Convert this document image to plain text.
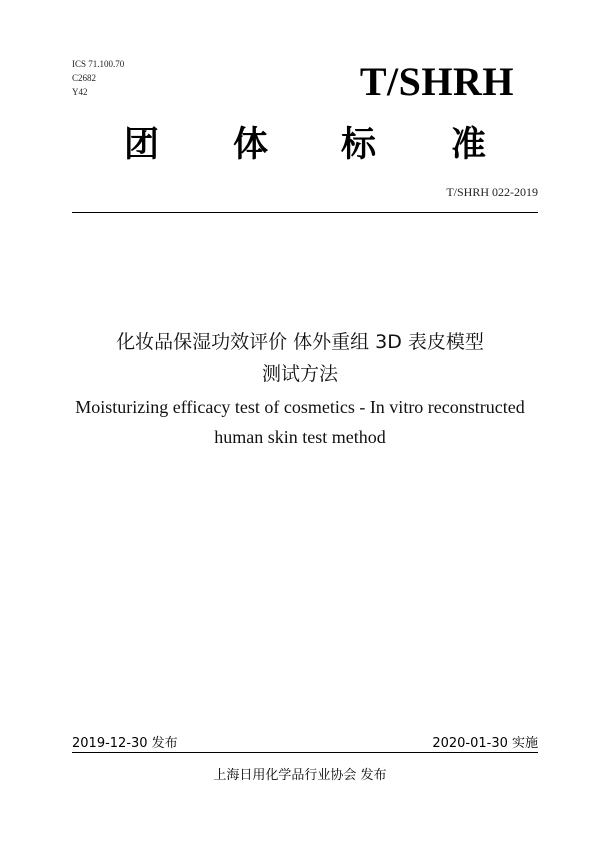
ICS 71.100.70
C2682
Y42	T/SHRH
团 体 标 准
T/SHRH 022-2019
化妆品保湿功效评价 体外重组 3D 表皮模型
测试方法
Moisturizing efficacy test of cosmetics - In vitro reconstructed
human skin test method
2019-12-30 发布	2020-01-30 实施
上海日用化学品行业协会 发布
